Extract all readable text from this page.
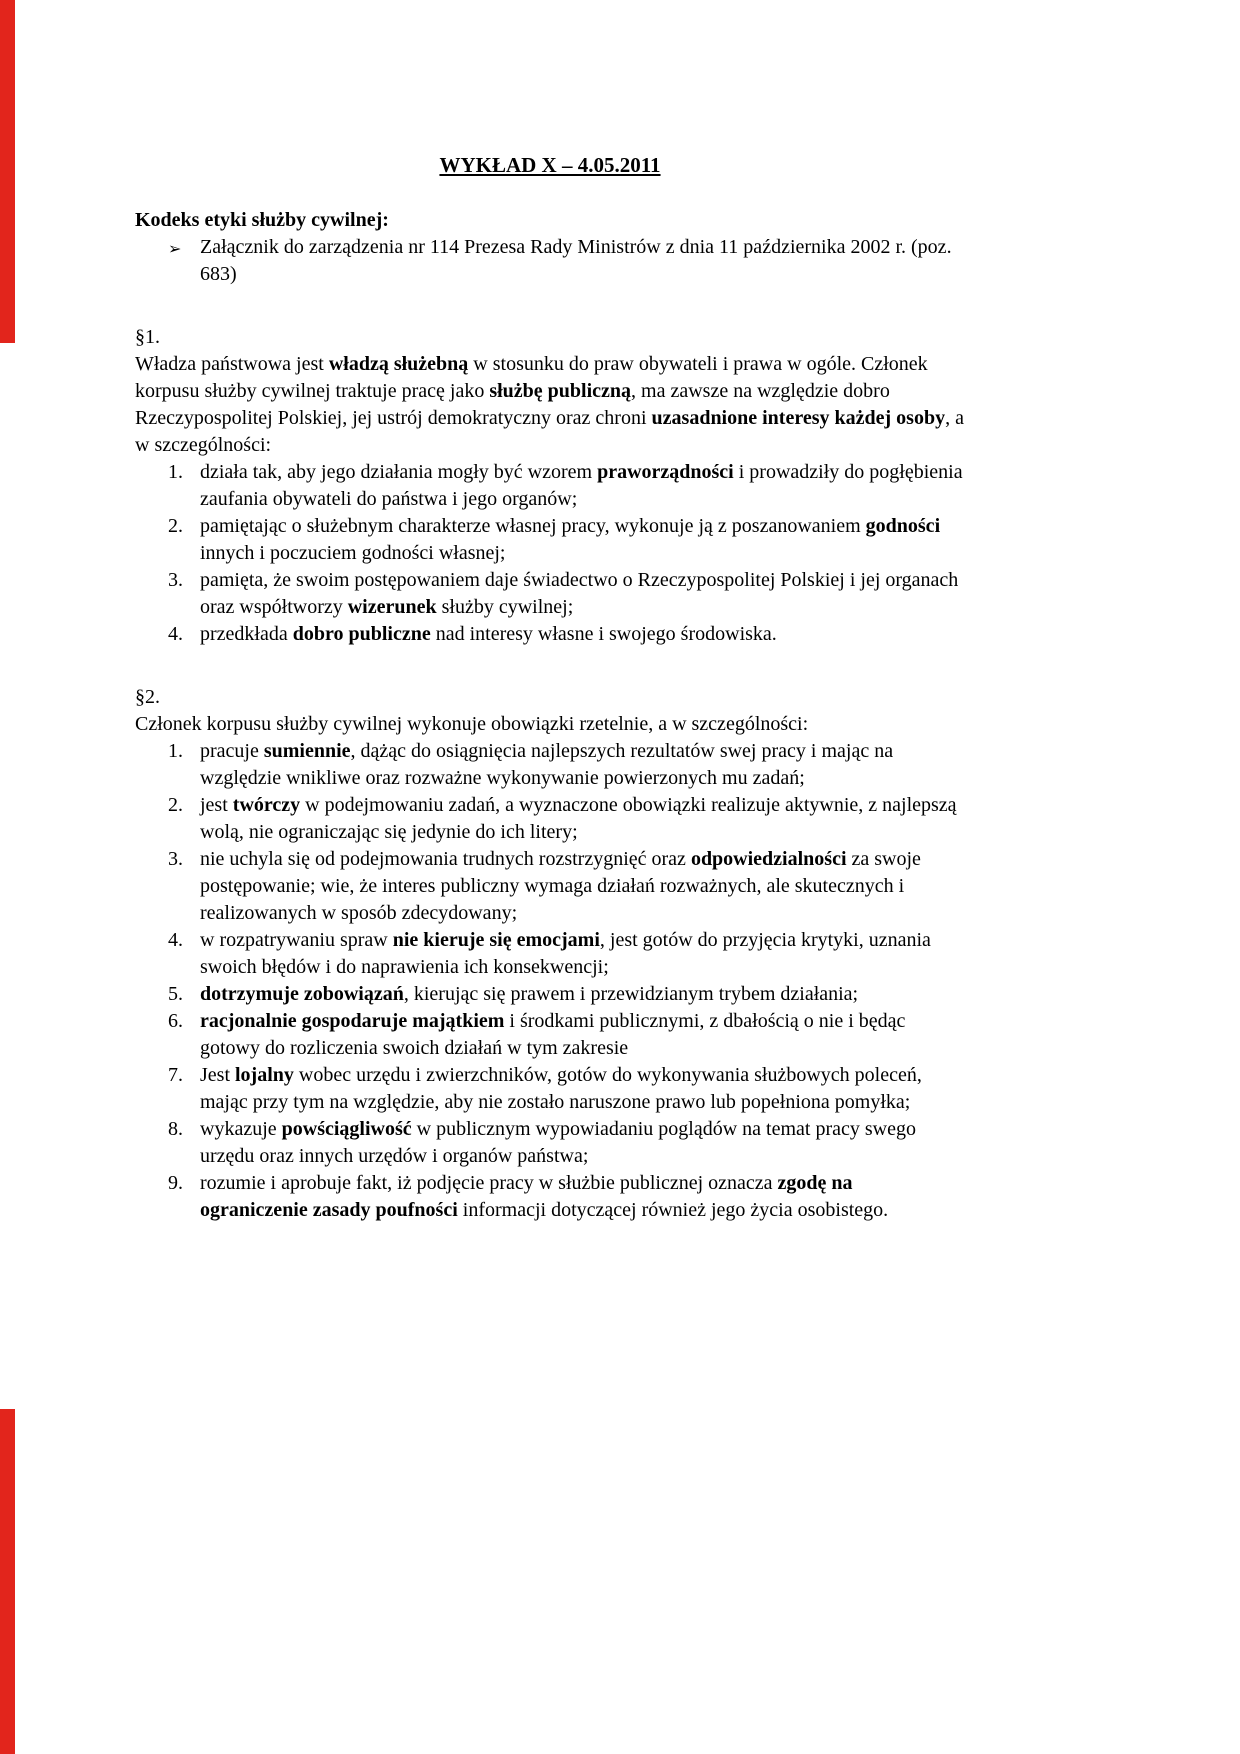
WYKŁAD X – 4.05.2011

Kodeks etyki służby cywilnej:

➢ Załącznik do zarządzenia nr 114 Prezesa Rady Ministrów z dnia 11 października 2002 r. (poz. 683)

§1.

Władza państwowa jest władzą służebną w stosunku do praw obywateli i prawa w ogóle. Członek korpusu służby cywilnej traktuje pracę jako służbę publiczną, ma zawsze na względzie dobro Rzeczypospolitej Polskiej, jej ustrój demokratyczny oraz chroni uzasadnione interesy każdej osoby, a w szczególności:

1. działa tak, aby jego działania mogły być wzorem praworządności i prowadziły do pogłębienia zaufania obywateli do państwa i jego organów;
2. pamiętając o służebnym charakterze własnej pracy, wykonuje ją z poszanowaniem godności innych i poczuciem godności własnej;
3. pamięta, że swoim postępowaniem daje świadectwo o Rzeczypospolitej Polskiej i jej organach oraz współtworzy wizerunek służby cywilnej;
4. przedkłada dobro publiczne nad interesy własne i swojego środowiska.

§2.

Członek korpusu służby cywilnej wykonuje obowiązki rzetelnie, a w szczególności:

1. pracuje sumiennie, dążąc do osiągnięcia najlepszych rezultatów swej pracy i mając na względzie wnikliwe oraz rozważne wykonywanie powierzonych mu zadań;
2. jest twórczy w podejmowaniu zadań, a wyznaczone obowiązki realizuje aktywnie, z najlepszą wolą, nie ograniczając się jedynie do ich litery;
3. nie uchyla się od podejmowania trudnych rozstrzygnięć oraz odpowiedzialności za swoje postępowanie; wie, że interes publiczny wymaga działań rozważnych, ale skutecznych i realizowanych w sposób zdecydowany;
4. w rozpatrywaniu spraw nie kieruje się emocjami, jest gotów do przyjęcia krytyki, uznania swoich błędów i do naprawienia ich konsekwencji;
5. dotrzymuje zobowiązań, kierując się prawem i przewidzianym trybem działania;
6. racjonalnie gospodaruje majątkiem i środkami publicznymi, z dbałością o nie i będąc gotowy do rozliczenia swoich działań w tym zakresie
7. Jest lojalny wobec urzędu i zwierzchników, gotów do wykonywania służbowych poleceń, mając przy tym na względzie, aby nie zostało naruszone prawo lub popełniona pomyłka;
8. wykazuje powściągliwość w publicznym wypowiadaniu poglądów na temat pracy swego urzędu oraz innych urzędów i organów państwa;
9. rozumie i aprobuje fakt, iż podjęcie pracy w służbie publicznej oznacza zgodę na ograniczenie zasady poufności informacji dotyczącej również jego życia osobistego.
